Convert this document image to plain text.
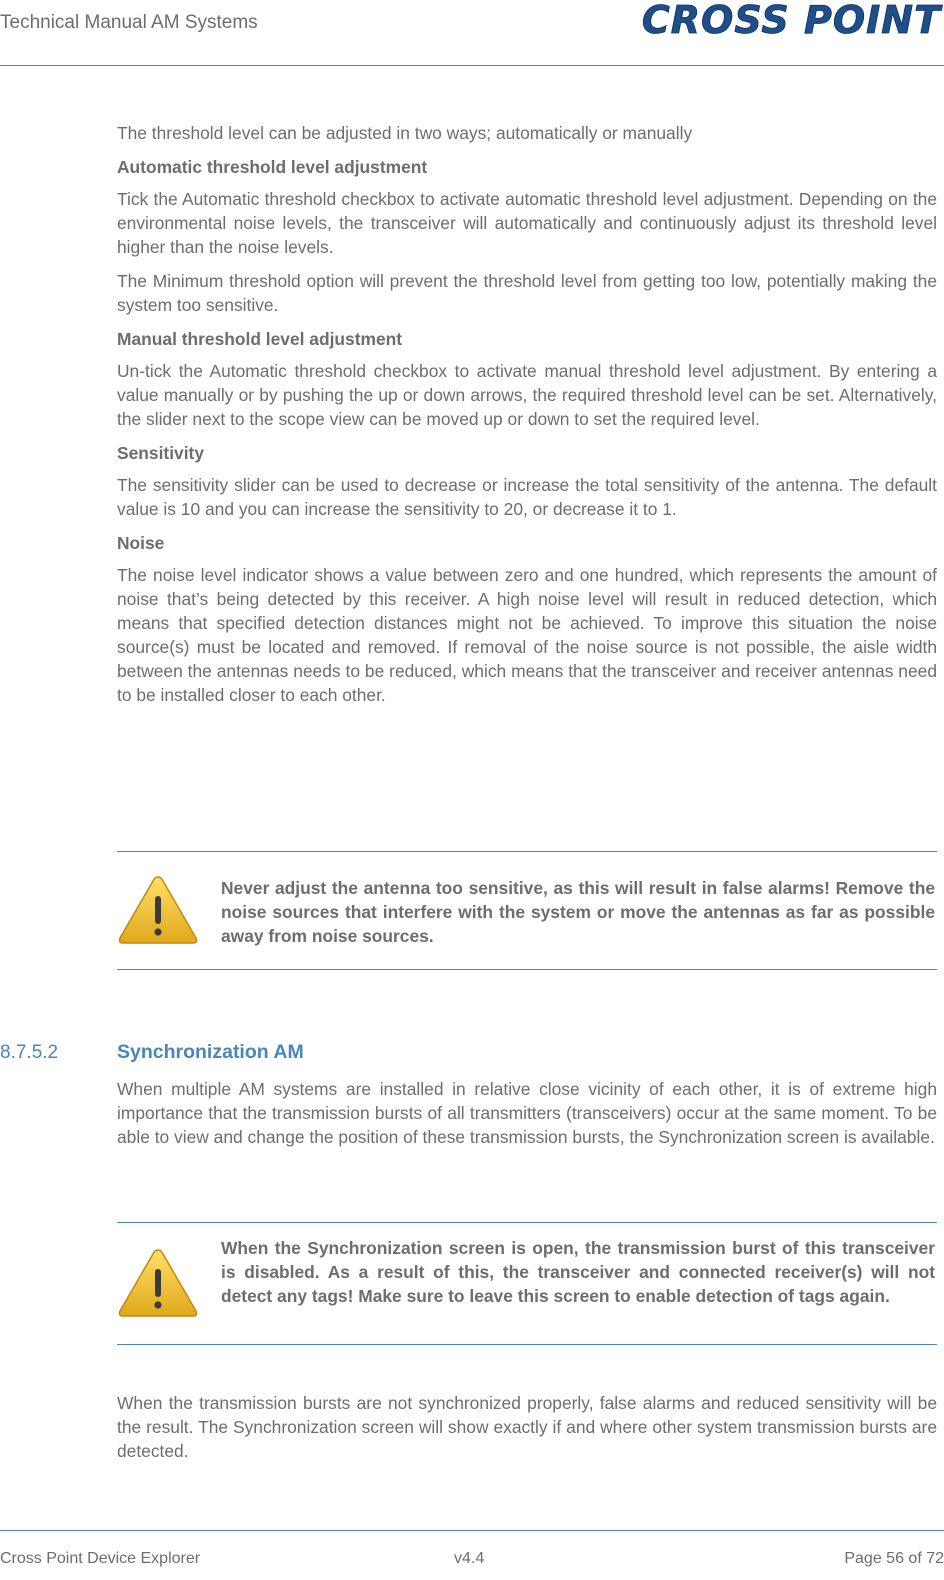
Technical Manual AM Systems	CROSS POINT

The threshold level can be adjusted in two ways; automatically or manually

Automatic threshold level adjustment

Tick the Automatic threshold checkbox to activate automatic threshold level adjustment. Depending on the environmental noise levels, the transceiver will automatically and continuously adjust its threshold level higher than the noise levels.

The Minimum threshold option will prevent the threshold level from getting too low, potentially making the system too sensitive.

Manual threshold level adjustment

Un-tick the Automatic threshold checkbox to activate manual threshold level adjustment. By entering a value manually or by pushing the up or down arrows, the required threshold level can be set. Alternatively, the slider next to the scope view can be moved up or down to set the required level.

Sensitivity

The sensitivity slider can be used to decrease or increase the total sensitivity of the antenna. The default value is 10 and you can increase the sensitivity to 20, or decrease it to 1.

Noise

The noise level indicator shows a value between zero and one hundred, which represents the amount of noise that’s being detected by this receiver. A high noise level will result in reduced detection, which means that specified detection distances might not be achieved. To improve this situation the noise source(s) must be located and removed. If removal of the noise source is not possible, the aisle width between the antennas needs to be reduced, which means that the transceiver and receiver antennas need to be installed closer to each other.

Never adjust the antenna too sensitive, as this will result in false alarms! Remove the noise sources that interfere with the system or move the antennas as far as possible away from noise sources.
8.7.5.2	Synchronization AM

When multiple AM systems are installed in relative close vicinity of each other, it is of extreme high importance that the transmission bursts of all transmitters (transceivers) occur at the same moment. To be able to view and change the position of these transmission bursts, the Synchronization screen is available.

When the Synchronization screen is open, the transmission burst of this transceiver is disabled. As a result of this, the transceiver and connected receiver(s) will not detect any tags! Make sure to leave this screen to enable detection of tags again.

When the transmission bursts are not synchronized properly, false alarms and reduced sensitivity will be the result. The Synchronization screen will show exactly if and where other system transmission bursts are detected.

Cross Point Device Explorer	v4.4	Page 56 of 72
